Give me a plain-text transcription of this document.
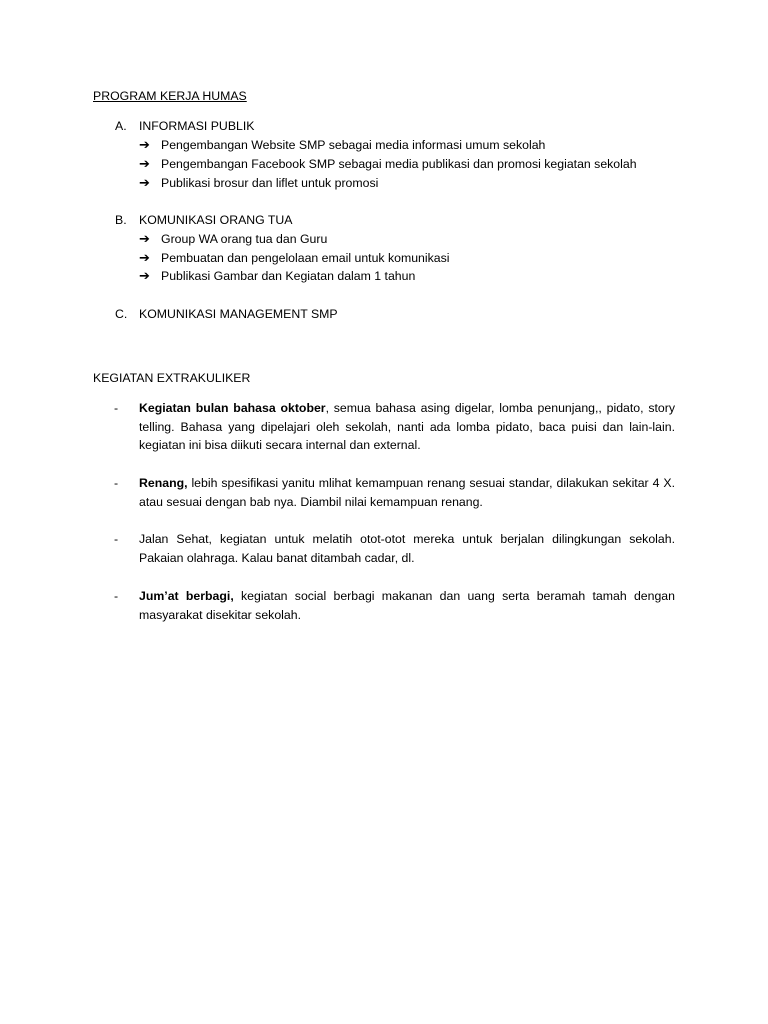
PROGRAM KERJA HUMAS
A. INFORMASI PUBLIK
➔ Pengembangan Website SMP sebagai media informasi umum sekolah
➔ Pengembangan Facebook SMP sebagai media publikasi dan promosi kegiatan sekolah
➔ Publikasi brosur dan liflet untuk promosi
B. KOMUNIKASI ORANG TUA
➔ Group WA orang tua dan Guru
➔ Pembuatan dan pengelolaan email untuk komunikasi
➔ Publikasi Gambar dan Kegiatan dalam 1 tahun
C. KOMUNIKASI MANAGEMENT SMP
KEGIATAN EXTRAKULIKER
- Kegiatan bulan bahasa oktober, semua bahasa asing digelar, lomba penunjang,, pidato, story telling. Bahasa yang dipelajari oleh sekolah, nanti ada lomba pidato, baca puisi dan lain-lain. kegiatan ini bisa diikuti secara internal dan external.
- Renang, lebih spesifikasi yanitu mlihat kemampuan renang sesuai standar, dilakukan sekitar 4 X. atau sesuai dengan bab nya. Diambil nilai kemampuan renang.
- Jalan Sehat, kegiatan untuk melatih otot-otot mereka untuk berjalan dilingkungan sekolah. Pakaian olahraga. Kalau banat ditambah cadar, dl.
- Jum’at berbagi, kegiatan social berbagi makanan dan uang serta beramah tamah dengan masyarakat disekitar sekolah.
